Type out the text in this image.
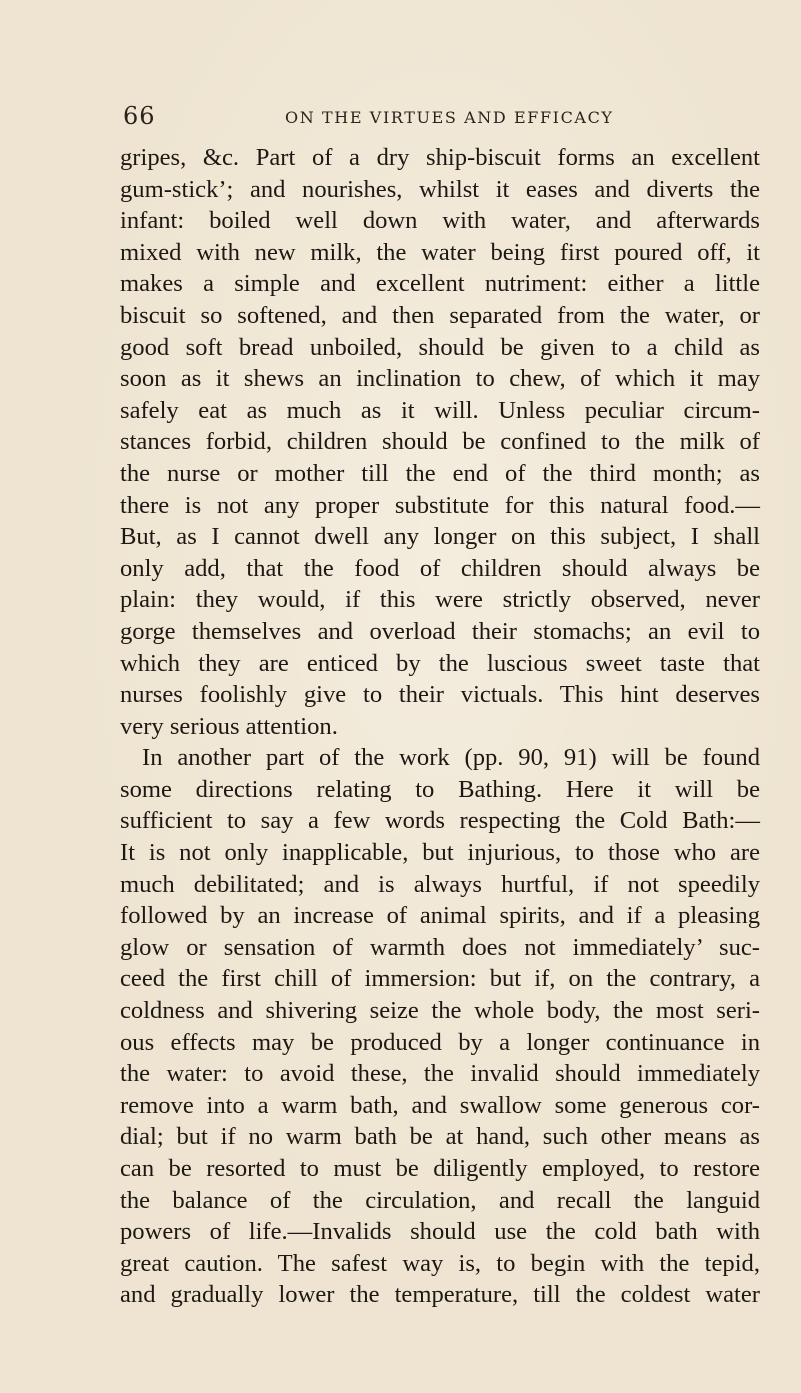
66	ON THE VIRTUES AND EFFICACY
gripes, &c. Part of a dry ship-biscuit forms an excellent
gum-stick’; and nourishes, whilst it eases and diverts the
infant: boiled well down with water, and afterwards
mixed with new milk, the water being first poured off, it
makes a simple and excellent nutriment: either a little
biscuit so softened, and then separated from the water, or
good soft bread unboiled, should be given to a child as
soon as it shews an inclination to chew, of which it may
safely eat as much as it will. Unless peculiar circum-
stances forbid, children should be confined to the milk of
the nurse or mother till the end of the third month; as
there is not any proper substitute for this natural food.—
But, as I cannot dwell any longer on this subject, I shall
only add, that the food of children should always be
plain: they would, if this were strictly observed, never
gorge themselves and overload their stomachs; an evil to
which they are enticed by the luscious sweet taste that
nurses foolishly give to their victuals. This hint deserves
very serious attention.
In another part of the work (pp. 90, 91) will be found
some directions relating to Bathing. Here it will be
sufficient to say a few words respecting the Cold Bath:—
It is not only inapplicable, but injurious, to those who are
much debilitated; and is always hurtful, if not speedily
followed by an increase of animal spirits, and if a pleasing
glow or sensation of warmth does not immediately’ suc-
ceed the first chill of immersion: but if, on the contrary, a
coldness and shivering seize the whole body, the most seri-
ous effects may be produced by a longer continuance in
the water: to avoid these, the invalid should immediately
remove into a warm bath, and swallow some generous cor-
dial; but if no warm bath be at hand, such other means as
can be resorted to must be diligently employed, to restore
the balance of the circulation, and recall the languid
powers of life.—Invalids should use the cold bath with
great caution. The safest way is, to begin with the tepid,
and gradually lower the temperature, till the coldest water
